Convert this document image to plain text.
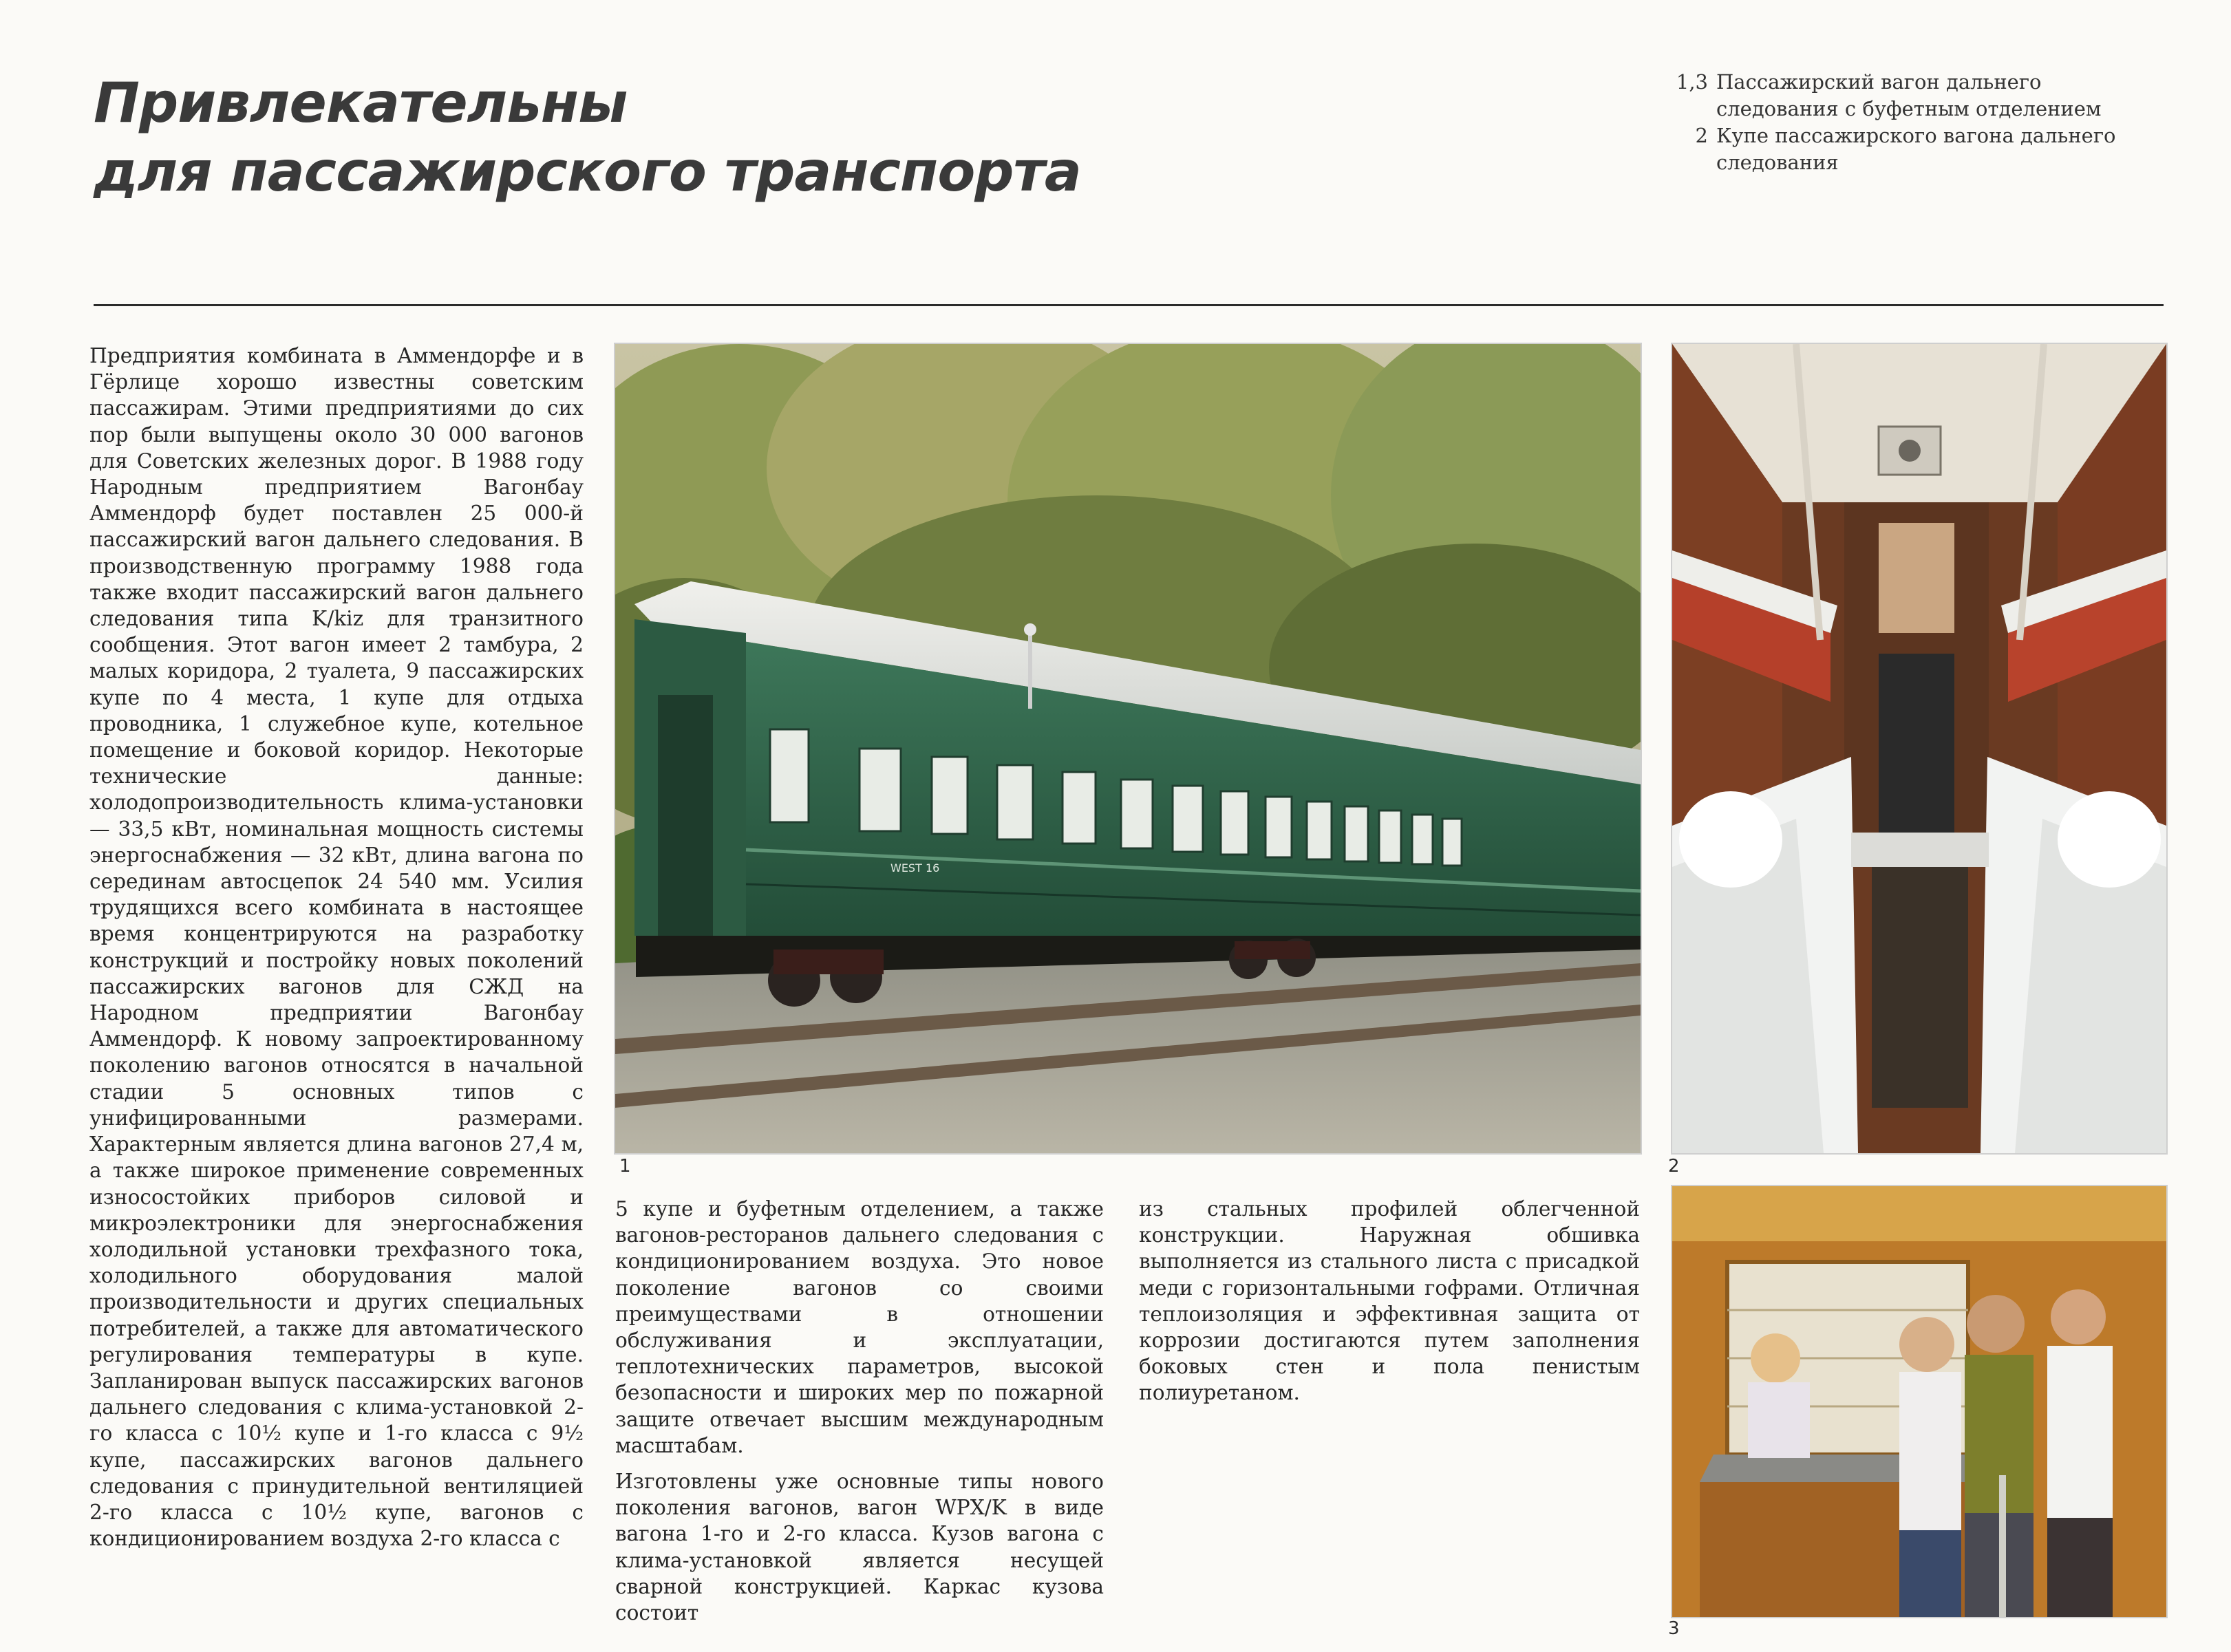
Привлекательны
для пассажирского транспорта
1,3 Пассажирский вагон дальнего следования с буфетным отделением
2 Купе пассажирского вагона дальнего следования

Предприятия комбината в Аммендорфе и в Гёрлице хорошо известны советским пассажирам. Этими предприятиями до сих пор были выпущены около 30 000 вагонов для Советских железных дорог. В 1988 году Народным предприятием Вагонбау Аммендорф будет поставлен 25 000-й пассажирский вагон дальнего следования. В производственную программу 1988 года также входит пассажирский вагон дальнего следования типа K/kiz для транзитного сообщения. Этот вагон имеет 2 тамбура, 2 малых коридора, 2 туалета, 9 пассажирских купе по 4 места, 1 купе для отдыха проводника, 1 служебное купе, котельное помещение и боковой коридор. Некоторые технические данные: холодопроизводительность клима-установки — 33,5 кВт, номинальная мощность системы энергоснабжения — 32 кВт, длина вагона по серединам автосцепок 24 540 мм. Усилия трудящихся всего комбината в настоящее время концентрируются на разработку конструкций и постройку новых поколений пассажирских вагонов для СЖД на Народном предприятии Вагонбау Аммендорф. К новому запроектированному поколению вагонов относятся в начальной стадии 5 основных типов с унифицированными размерами. Характерным является длина вагонов 27,4 м, а также широкое применение современных износостойких приборов силовой и микроэлектроники для энергоснабжения холодильной установки трехфазного тока, холодильного оборудования малой производительности и других специальных потребителей, а также для автоматического регулирования температуры в купе. Запланирован выпуск пассажирских вагонов дальнего следования с клима-установкой 2-го класса с 10½ купе и 1-го класса с 9½ купе, пассажирских вагонов дальнего следования с принудительной вентиляцией 2-го класса с 10½ купе, вагонов с кондиционированием воздуха 2-го класса с

WEST 16
1	2
3

5 купе и буфетным отделением, а также вагонов-ресторанов дальнего следования с кондиционированием воздуха. Это новое поколение вагонов со своими преимуществами в отношении обслуживания и эксплуатации, теплотехнических параметров, высокой безопасности и широких мер по пожарной защите отвечает высшим международным масштабам.

Изготовлены уже основные типы нового поколения вагонов, вагон WPX/K в виде вагона 1-го и 2-го класса. Кузов вагона с клима-установкой является несущей сварной конструкцией. Каркас кузова состоит

из стальных профилей облегченной конструкции. Наружная обшивка выполняется из стального листа с присадкой меди с горизонтальными гофрами. Отличная теплоизоляция и эффективная защита от коррозии достигаются путем заполнения боковых стен и пола пенистым полиуретаном.
